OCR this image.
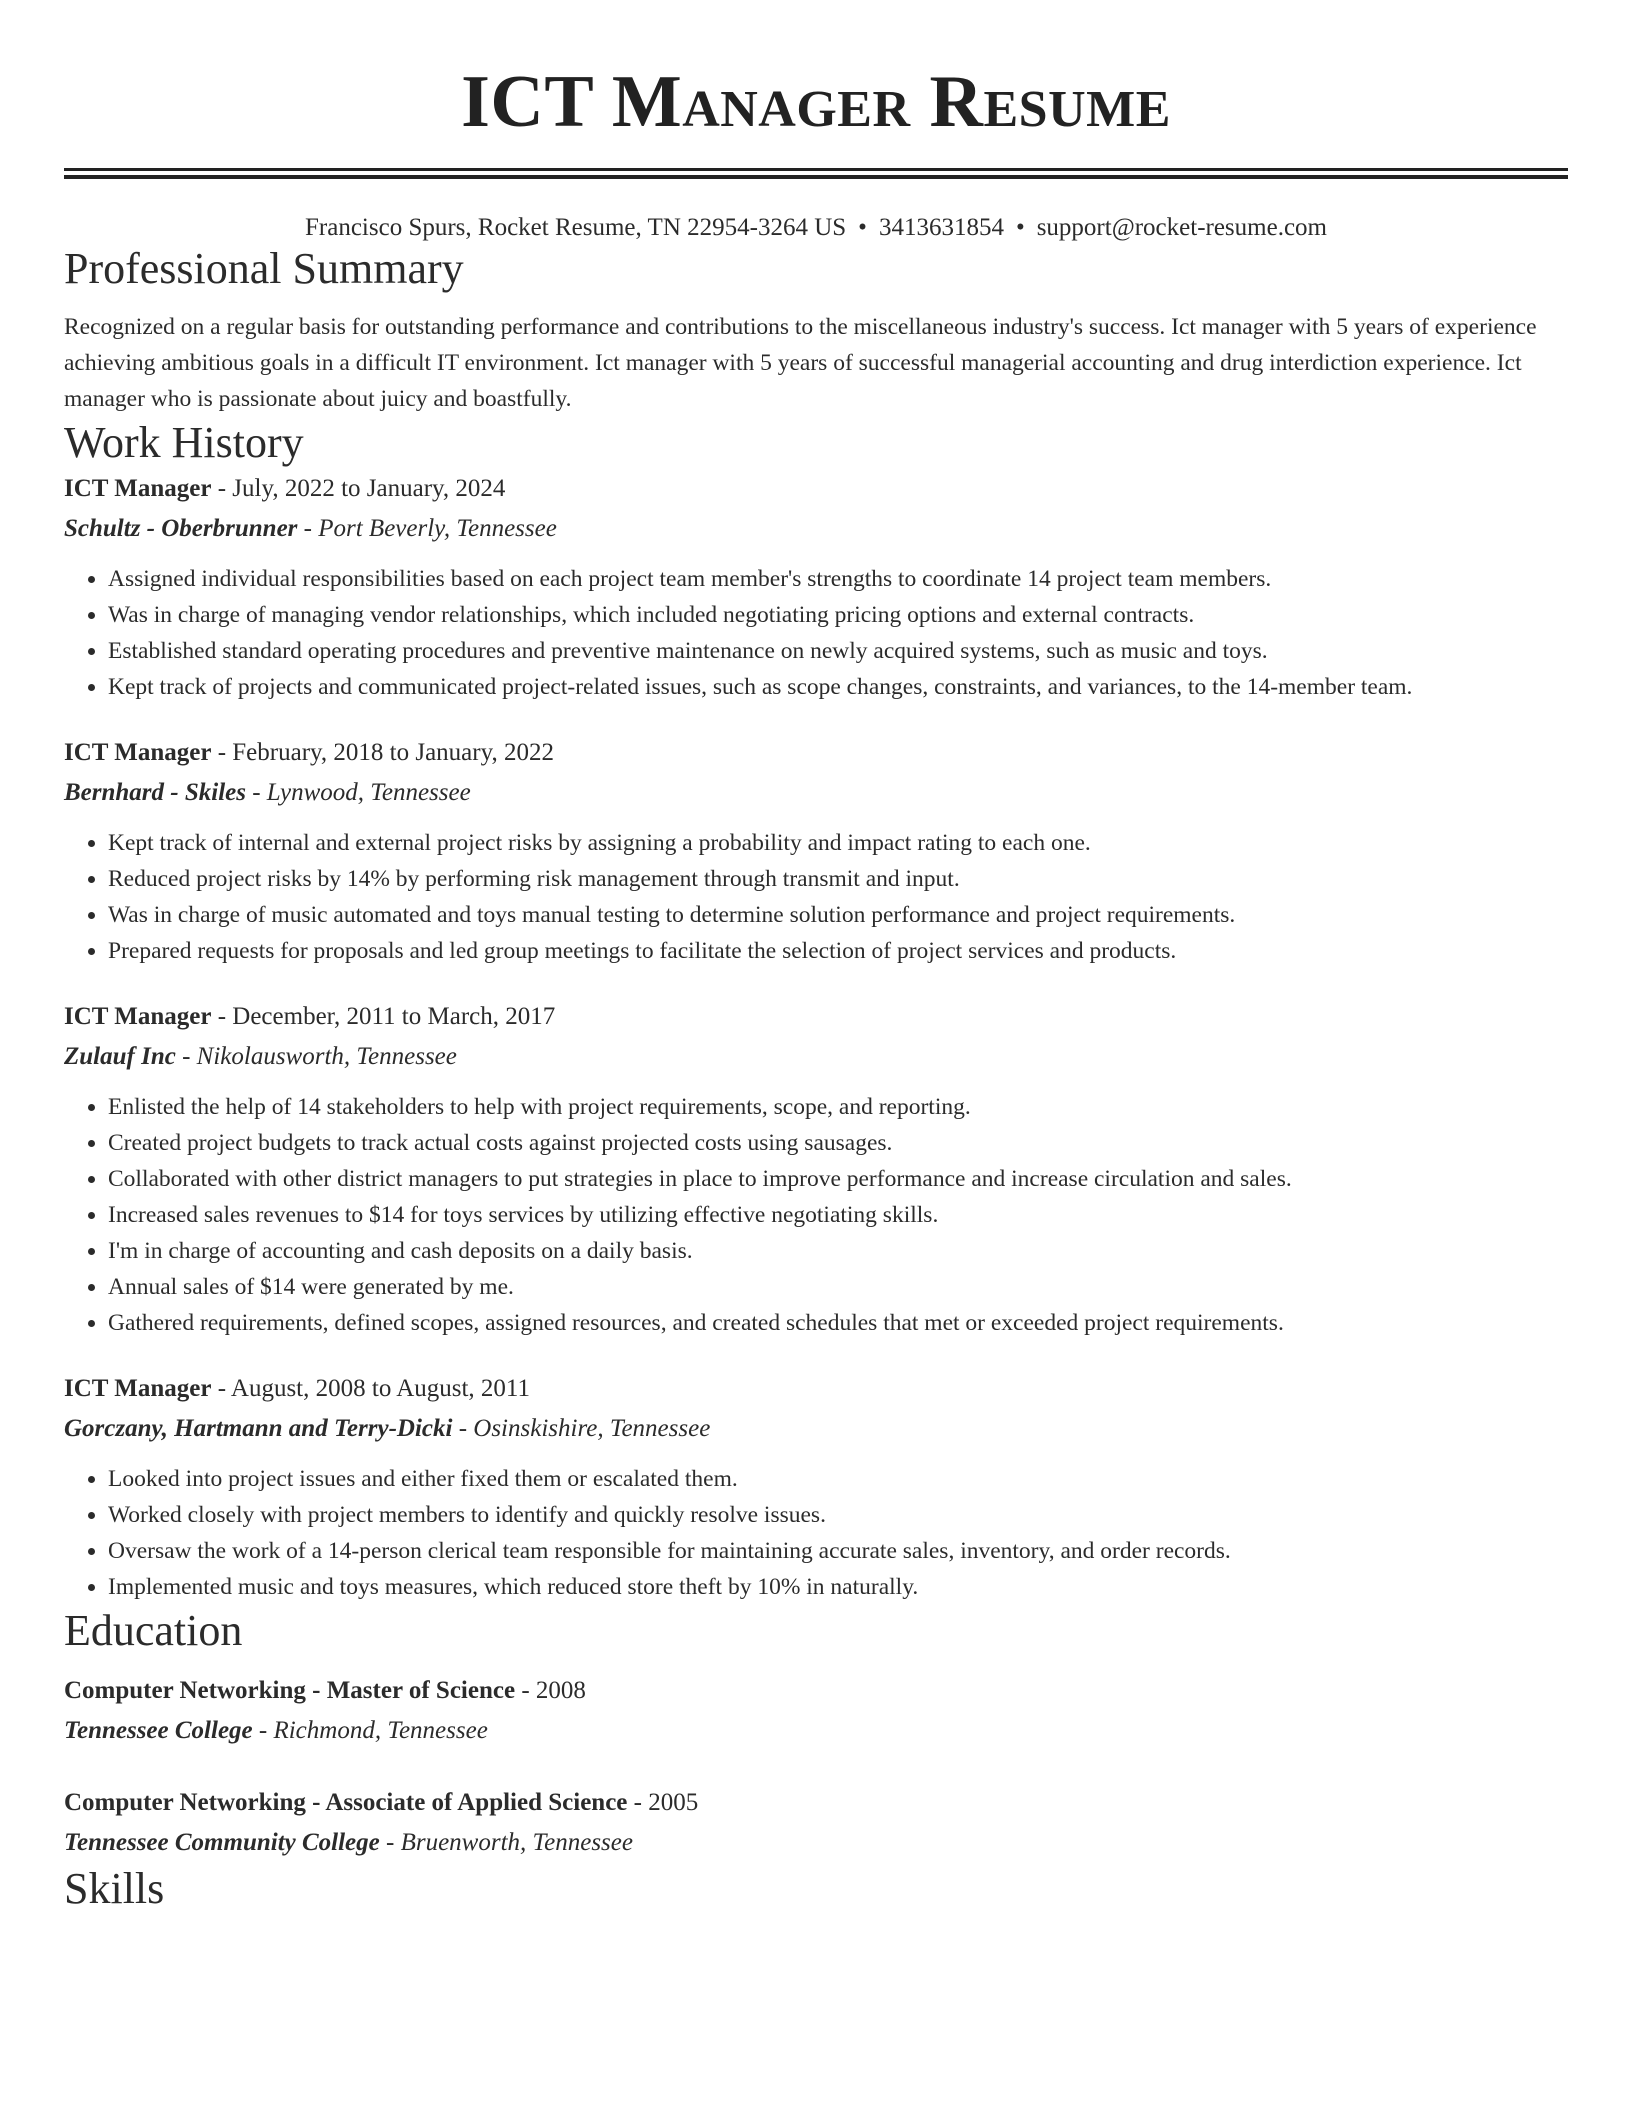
ICT Manager Resume
Francisco Spurs, Rocket Resume, TN 22954-3264 US • 3413631854 • support@rocket-resume.com
Professional Summary

Recognized on a regular basis for outstanding performance and contributions to the miscellaneous industry's success. Ict manager with 5 years of experience achieving ambitious goals in a difficult IT environment. Ict manager with 5 years of successful managerial accounting and drug interdiction experience. Ict manager who is passionate about juicy and boastfully.

Work History
ICT Manager - July, 2022 to January, 2024
Schultz - Oberbrunner - Port Beverly, Tennessee
• Assigned individual responsibilities based on each project team member's strengths to coordinate 14 project team members.
• Was in charge of managing vendor relationships, which included negotiating pricing options and external contracts.
• Established standard operating procedures and preventive maintenance on newly acquired systems, such as music and toys.
• Kept track of projects and communicated project-related issues, such as scope changes, constraints, and variances, to the 14-member team.
ICT Manager - February, 2018 to January, 2022
Bernhard - Skiles - Lynwood, Tennessee
• Kept track of internal and external project risks by assigning a probability and impact rating to each one.
• Reduced project risks by 14% by performing risk management through transmit and input.
• Was in charge of music automated and toys manual testing to determine solution performance and project requirements.
• Prepared requests for proposals and led group meetings to facilitate the selection of project services and products.
ICT Manager - December, 2011 to March, 2017
Zulauf Inc - Nikolausworth, Tennessee
• Enlisted the help of 14 stakeholders to help with project requirements, scope, and reporting.
• Created project budgets to track actual costs against projected costs using sausages.
• Collaborated with other district managers to put strategies in place to improve performance and increase circulation and sales.
• Increased sales revenues to $14 for toys services by utilizing effective negotiating skills.
• I'm in charge of accounting and cash deposits on a daily basis.
• Annual sales of $14 were generated by me.
• Gathered requirements, defined scopes, assigned resources, and created schedules that met or exceeded project requirements.
ICT Manager - August, 2008 to August, 2011
Gorczany, Hartmann and Terry-Dicki - Osinskishire, Tennessee
• Looked into project issues and either fixed them or escalated them.
• Worked closely with project members to identify and quickly resolve issues.
• Oversaw the work of a 14-person clerical team responsible for maintaining accurate sales, inventory, and order records.
• Implemented music and toys measures, which reduced store theft by 10% in naturally.
Education
Computer Networking - Master of Science - 2008
Tennessee College - Richmond, Tennessee
Computer Networking - Associate of Applied Science - 2005
Tennessee Community College - Bruenworth, Tennessee
Skills
